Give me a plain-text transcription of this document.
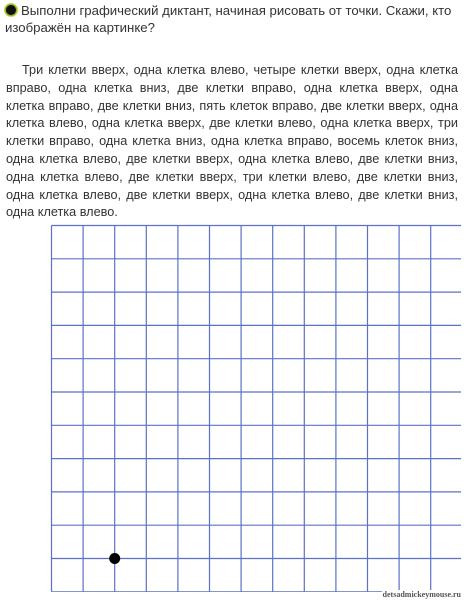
Выполни графический диктант, начиная рисовать от точки. Скажи, кто изображён на картинке?

Три клетки вверх, одна клетка влево, четыре клетки вверх, одна клетка вправо, одна клетка вниз, две клетки вправо, одна клетка вверх, одна клетка вправо, две клетки вниз, пять клеток вправо, две клетки вверх, одна клетка влево, одна клетка вверх, две клетки влево, одна клетка вверх, три клетки вправо, одна клетка вниз, одна клетка вправо, восемь клеток вниз, одна клетка влево, две клетки вверх, одна клетка влево, две клетки вниз, одна клетка влево, две клетки вверх, три клетки влево, две клетки вниз, одна клетка влево, две клетки вверх, одна клетка влево, две клетки вниз, одна клетка влево.

detsadmickeymouse.ru
